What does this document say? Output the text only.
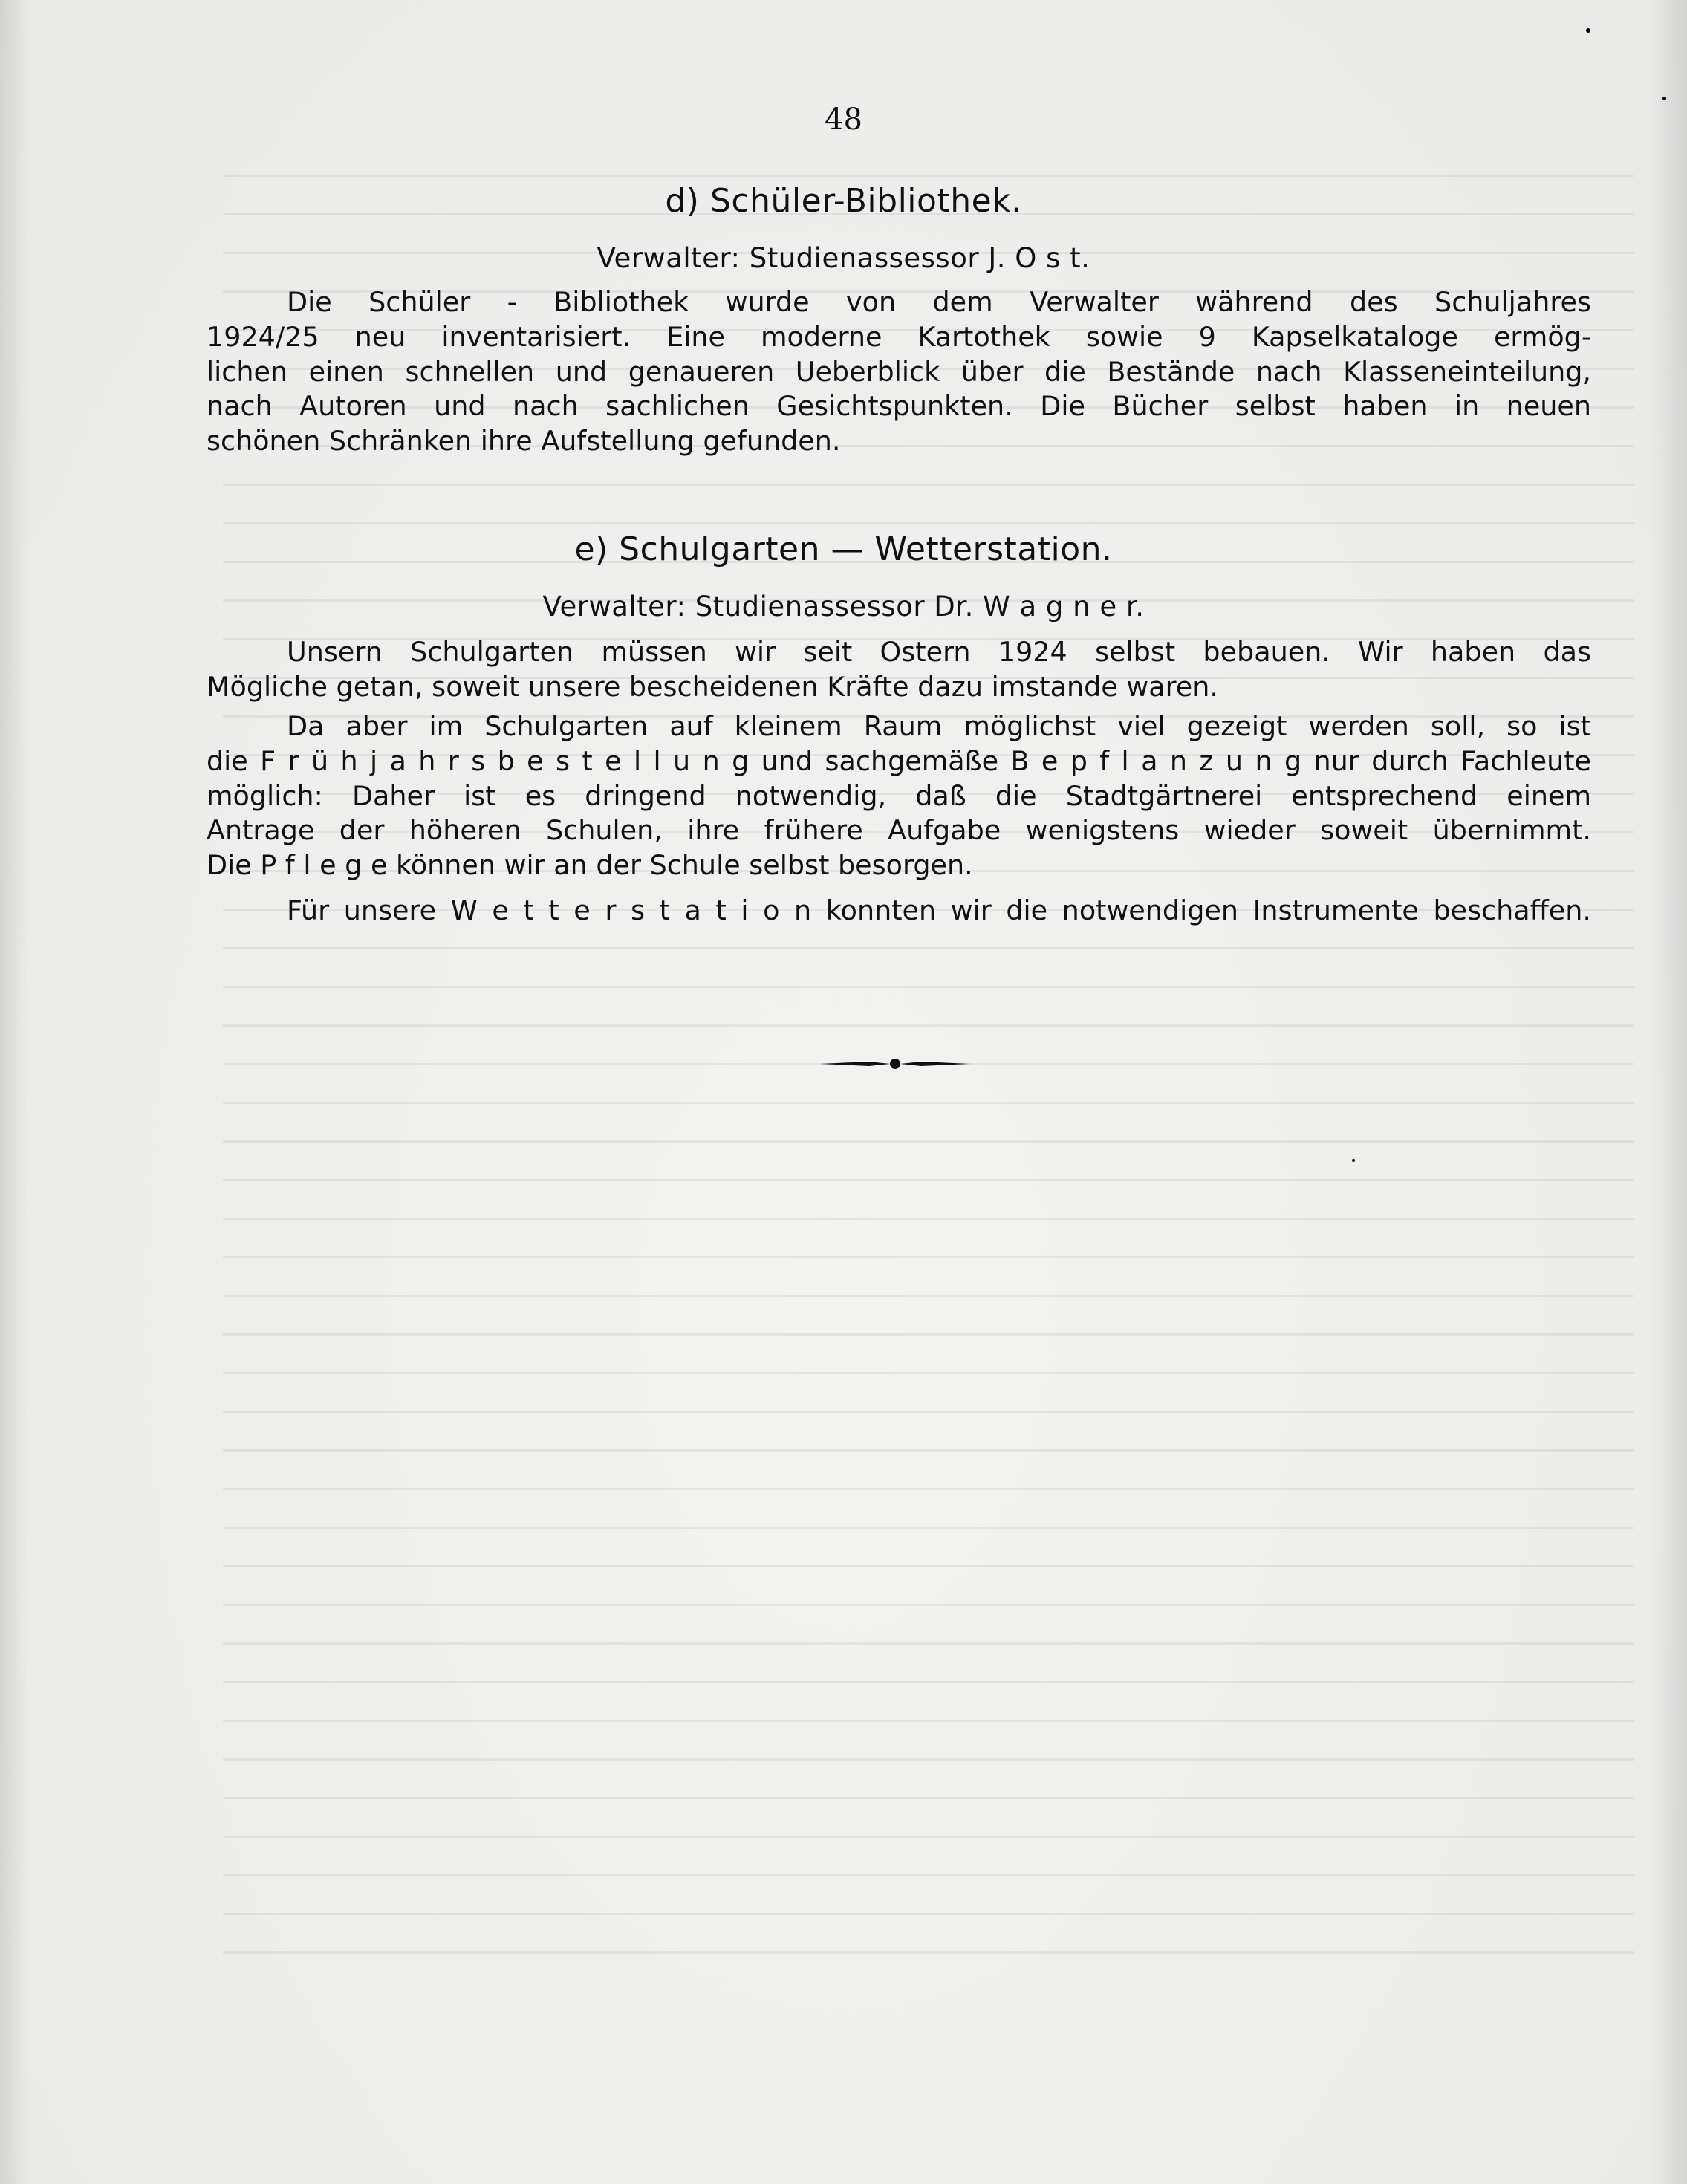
48
d) Schüler-Bibliothek.
Verwalter: Studienassessor J. O s t.
Die Schüler - Bibliothek wurde von dem Verwalter während des Schuljahres
1924/25 neu inventarisiert. Eine moderne Kartothek sowie 9 Kapselkataloge ermög-
lichen einen schnellen und genaueren Ueberblick über die Bestände nach Klasseneinteilung,
nach Autoren und nach sachlichen Gesichtspunkten. Die Bücher selbst haben in neuen
schönen Schränken ihre Aufstellung gefunden.
e) Schulgarten — Wetterstation.
Verwalter: Studienassessor Dr. W a g n e r.
Unsern Schulgarten müssen wir seit Ostern 1924 selbst bebauen. Wir haben das
Mögliche getan, soweit unsere bescheidenen Kräfte dazu imstande waren.
Da aber im Schulgarten auf kleinem Raum möglichst viel gezeigt werden soll, so ist
die F r ü h j a h r s b e s t e l l u n g und sachgemäße B e p f l a n z u n g nur durch Fachleute
möglich: Daher ist es dringend notwendig, daß die Stadtgärtnerei entsprechend einem
Antrage der höheren Schulen, ihre frühere Aufgabe wenigstens wieder soweit übernimmt.
Die P f l e g e können wir an der Schule selbst besorgen.
Für unsere W e t t e r s t a t i o n konnten wir die notwendigen Instrumente beschaffen.
